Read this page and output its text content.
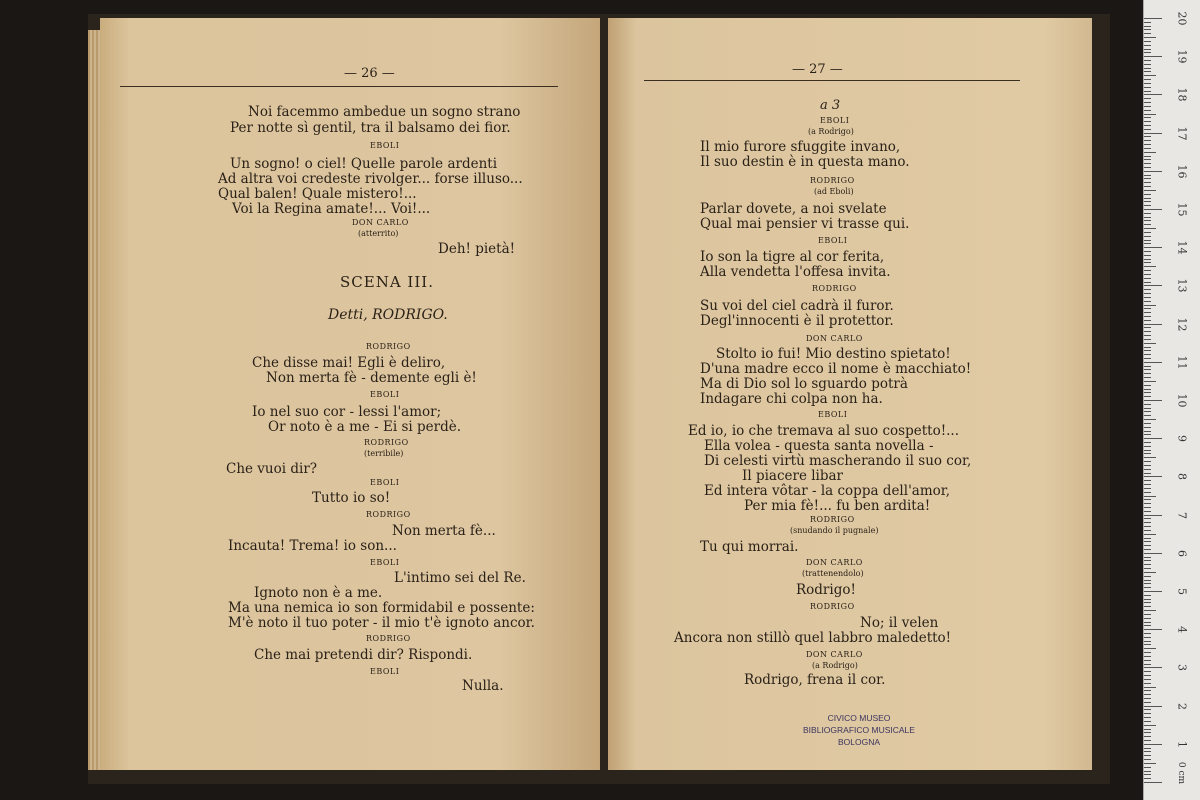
— 26 —
Noi facemmo ambedue un sogno strano
Per notte sì gentil, tra il balsamo dei fior.
EBOLI
Un sogno! o ciel! Quelle parole ardenti
Ad altra voi credeste rivolger... forse illuso...
Qual balen! Quale mistero!...
Voi la Regina amate!... Voi!...
DON CARLO
(atterrito)
Deh! pietà!
SCENA III.
Detti, RODRIGO.
RODRIGO
Che disse mai! Egli è deliro,
Non merta fè - demente egli è!
EBOLI
Io nel suo cor - lessi l'amor;
Or noto è a me - Ei si perdè.
RODRIGO
(terribile)
Che vuoi dir?
EBOLI
Tutto io so!
RODRIGO
Non merta fè...
Incauta! Trema! io son...
EBOLI
L'intimo sei del Re.
Ignoto non è a me.
Ma una nemica io son formidabil e possente:
M'è noto il tuo poter - il mio t'è ignoto ancor.
RODRIGO
Che mai pretendi dir? Rispondi.
EBOLI
Nulla.
— 27 —
a 3
EBOLI
(a Rodrigo)
Il mio furore sfuggite invano,
Il suo destin è in questa mano.
RODRIGO
(ad Eboli)
Parlar dovete, a noi svelate
Qual mai pensier vi trasse qui.
EBOLI
Io son la tigre al cor ferita,
Alla vendetta l'offesa invita.
RODRIGO
Su voi del ciel cadrà il furor.
Degl'innocenti è il protettor.
DON CARLO
Stolto io fui! Mio destino spietato!
D'una madre ecco il nome è macchiato!
Ma di Dio sol lo sguardo potrà
Indagare chi colpa non ha.
EBOLI
Ed io, io che tremava al suo cospetto!...
Ella volea - questa santa novella -
Di celesti virtù mascherando il suo cor,
Il piacere libar
Ed intera vôtar - la coppa dell'amor,
Per mia fè!... fu ben ardita!
RODRIGO
(snudando il pugnale)
Tu qui morrai.
DON CARLO
(trattenendolo)
Rodrigo!
RODRIGO
No; il velen
Ancora non stillò quel labbro maledetto!
DON CARLO
(a Rodrigo)
Rodrigo, frena il cor.
CIVICO MUSEO
BIBLIOGRAFICO MUSICALE
BOLOGNA
20
19
18
17
16
15
14
13
12
11
10
9
8
7
6
5
4
3
2
1
0 cm
